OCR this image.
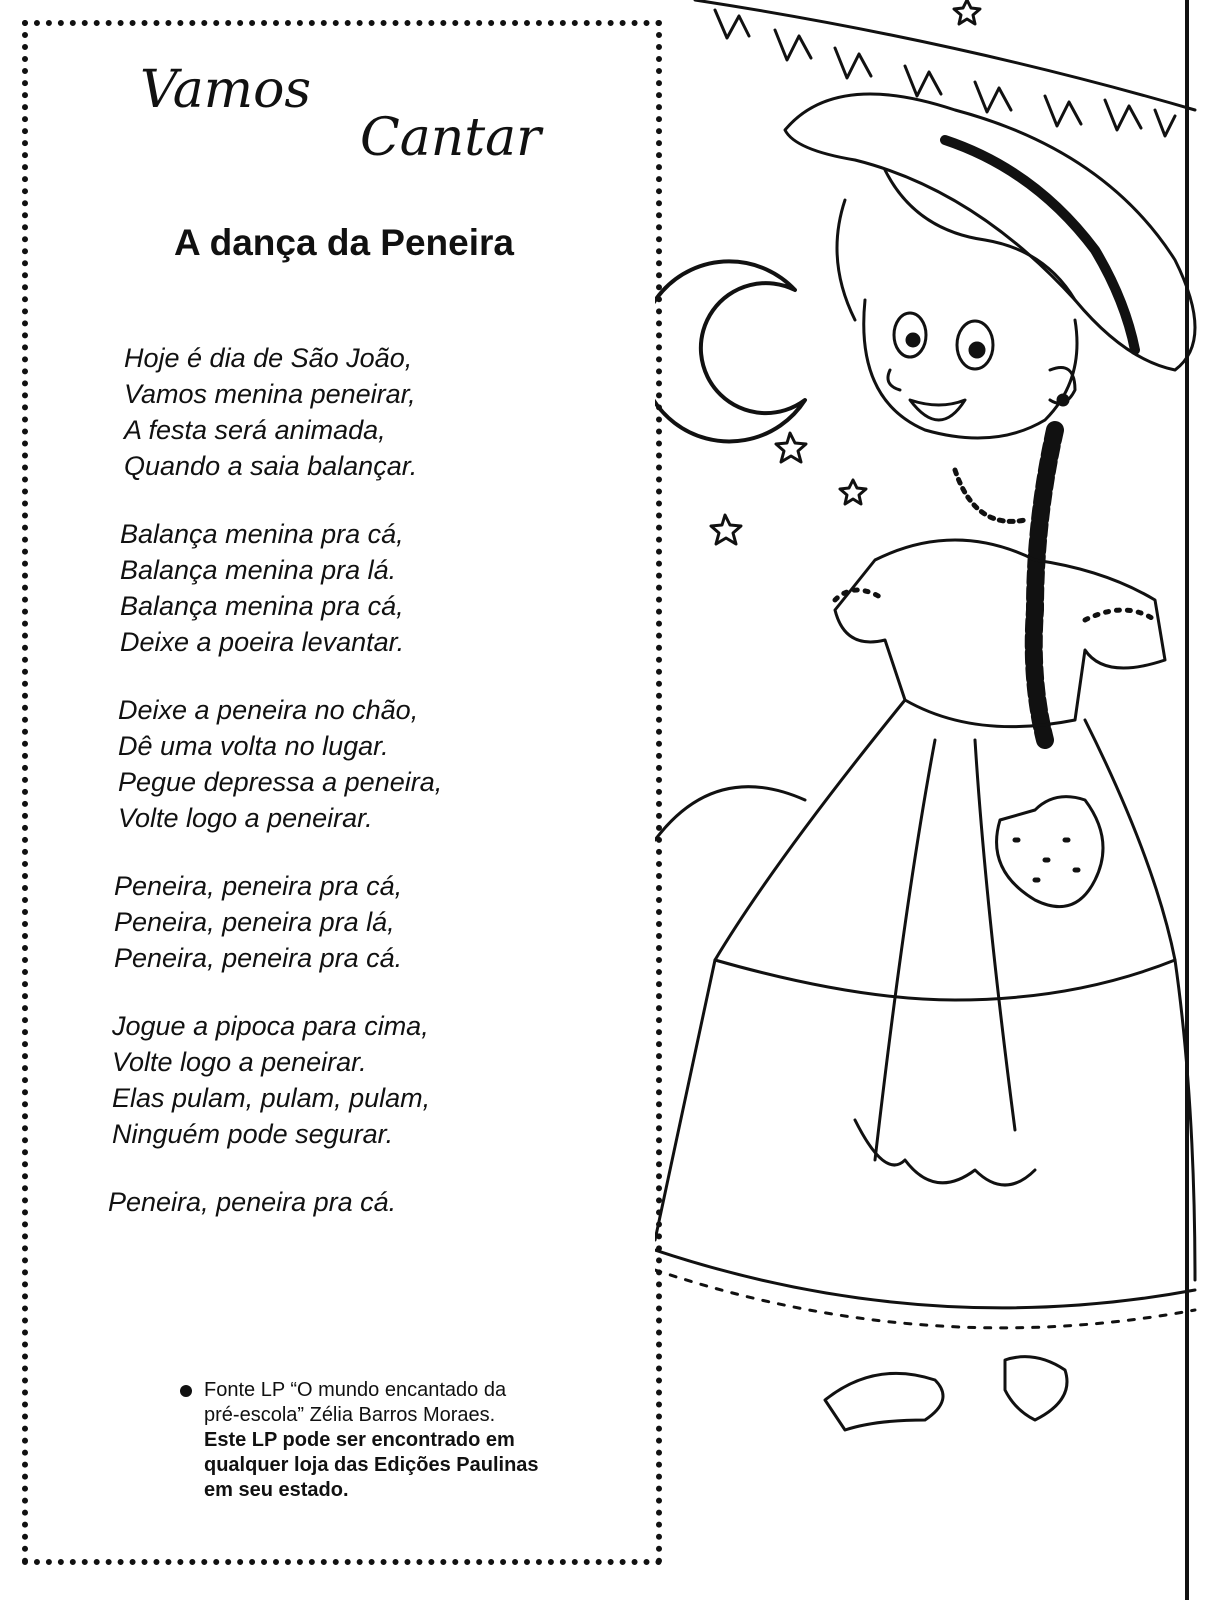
Vamos
Cantar
A dança da Peneira
Hoje é dia de São João,
Vamos menina peneirar,
A festa será animada,
Quando a saia balançar.
Balança menina pra cá,
Balança menina pra lá.
Balança menina pra cá,
Deixe a poeira levantar.
Deixe a peneira no chão,
Dê uma volta no lugar.
Pegue depressa a peneira,
Volte logo a peneirar.
Peneira, peneira pra cá,
Peneira, peneira pra lá,
Peneira, peneira pra cá.
Jogue a pipoca para cima,
Volte logo a peneirar.
Elas pulam, pulam, pulam,
Ninguém pode segurar.
Peneira, peneira pra cá.
Fonte LP “O mundo encantado da
pré-escola” Zélia Barros Moraes.
Este LP pode ser encontrado em
qualquer loja das Edições Paulinas
em seu estado.
